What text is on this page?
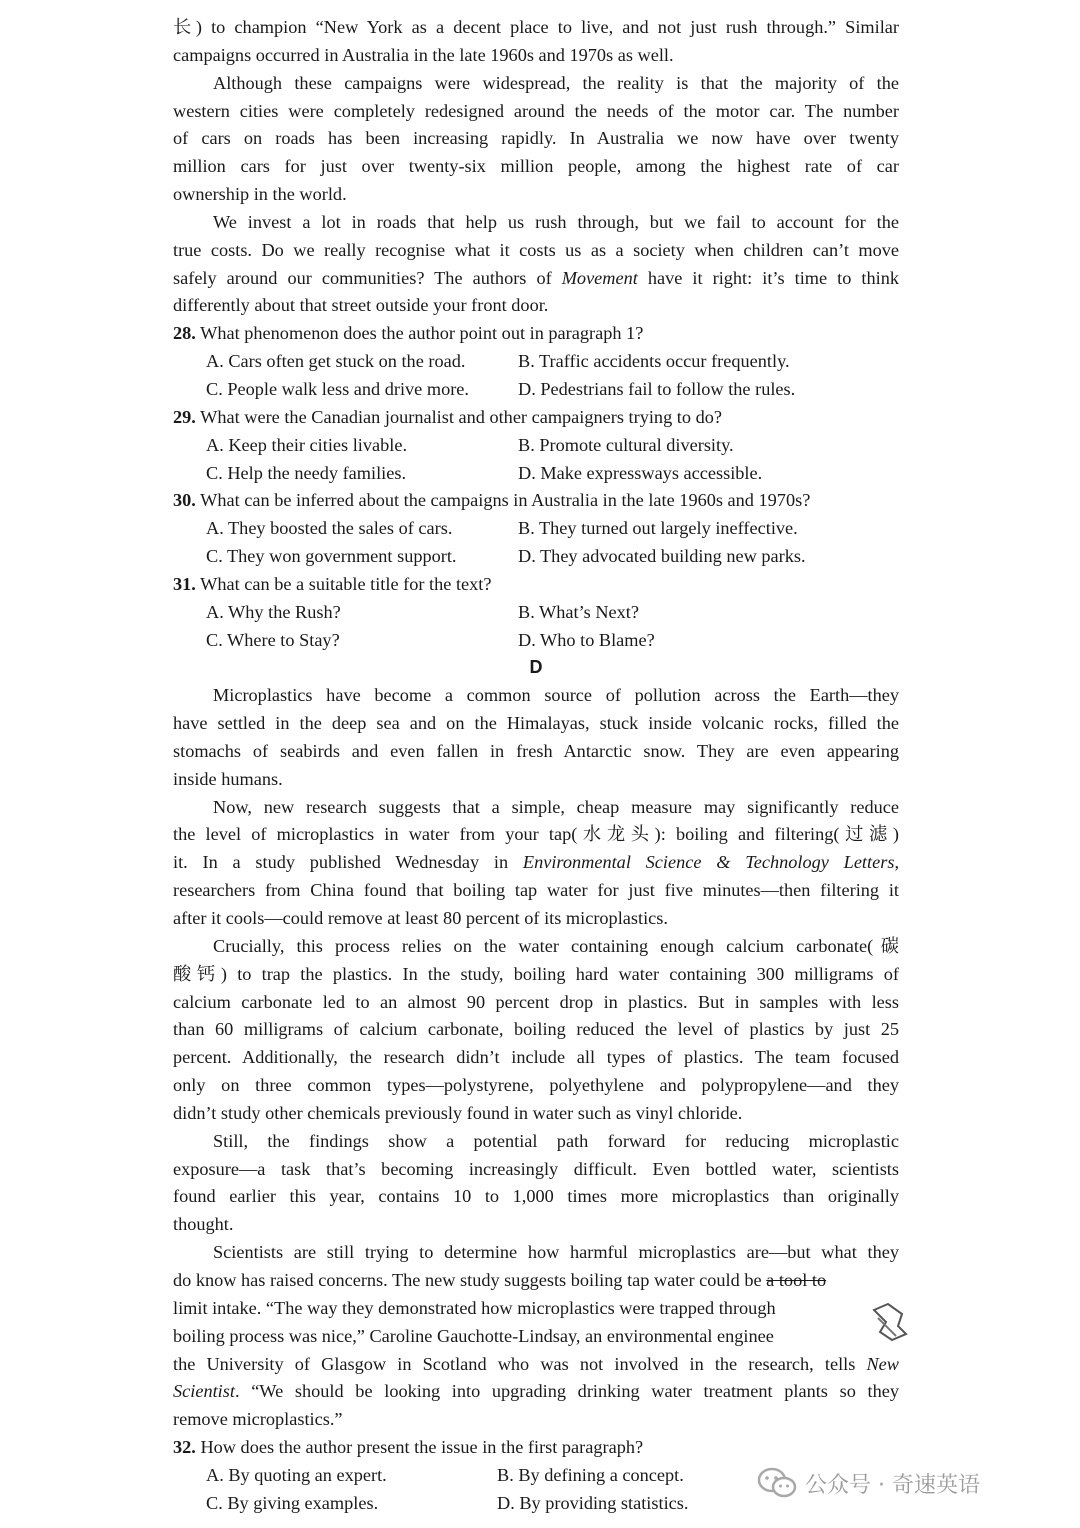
长) to champion “New York as a decent place to live, and not just rush through.” Similar
campaigns occurred in Australia in the late 1960s and 1970s as well.
Although these campaigns were widespread, the reality is that the majority of the
western cities were completely redesigned around the needs of the motor car. The number
of cars on roads has been increasing rapidly. In Australia we now have over twenty
million cars for just over twenty-six million people, among the highest rate of car
ownership in the world.
We invest a lot in roads that help us rush through, but we fail to account for the
true costs. Do we really recognise what it costs us as a society when children can’t move
safely around our communities? The authors of Movement have it right: it’s time to think
differently about that street outside your front door.
28. What phenomenon does the author point out in paragraph 1?
A. Cars often get stuck on the road.	B. Traffic accidents occur frequently.
C. People walk less and drive more.	D. Pedestrians fail to follow the rules.
29. What were the Canadian journalist and other campaigners trying to do?
A. Keep their cities livable.	B. Promote cultural diversity.
C. Help the needy families.	D. Make expressways accessible.
30. What can be inferred about the campaigns in Australia in the late 1960s and 1970s?
A. They boosted the sales of cars.	B. They turned out largely ineffective.
C. They won government support.	D. They advocated building new parks.
31. What can be a suitable title for the text?
A. Why the Rush?	B. What’s Next?
C. Where to Stay?	D. Who to Blame?
D
Microplastics have become a common source of pollution across the Earth—they
have settled in the deep sea and on the Himalayas, stuck inside volcanic rocks, filled the
stomachs of seabirds and even fallen in fresh Antarctic snow. They are even appearing
inside humans.
Now, new research suggests that a simple, cheap measure may significantly reduce
the level of microplastics in water from your tap(水龙头): boiling and filtering(过滤)
it. In a study published Wednesday in Environmental Science & Technology Letters,
researchers from China found that boiling tap water for just five minutes—then filtering it
after it cools—could remove at least 80 percent of its microplastics.
Crucially, this process relies on the water containing enough calcium carbonate(碳
酸钙) to trap the plastics. In the study, boiling hard water containing 300 milligrams of
calcium carbonate led to an almost 90 percent drop in plastics. But in samples with less
than 60 milligrams of calcium carbonate, boiling reduced the level of plastics by just 25
percent. Additionally, the research didn’t include all types of plastics. The team focused
only on three common types—polystyrene, polyethylene and polypropylene—and they
didn’t study other chemicals previously found in water such as vinyl chloride.
Still, the findings show a potential path forward for reducing microplastic
exposure—a task that’s becoming increasingly difficult. Even bottled water, scientists
found earlier this year, contains 10 to 1,000 times more microplastics than originally
thought.
Scientists are still trying to determine how harmful microplastics are—but what they
do know has raised concerns. The new study suggests boiling tap water could be a tool to
limit intake. “The way they demonstrated how microplastics were trapped through
boiling process was nice,” Caroline Gauchotte-Lindsay, an environmental enginee
the University of Glasgow in Scotland who was not involved in the research, tells New
Scientist. “We should be looking into upgrading drinking water treatment plants so they
remove microplastics.”
32. How does the author present the issue in the first paragraph?
A. By quoting an expert.	B. By defining a concept.
C. By giving examples.	D. By providing statistics.
公众号 · 奇速英语
